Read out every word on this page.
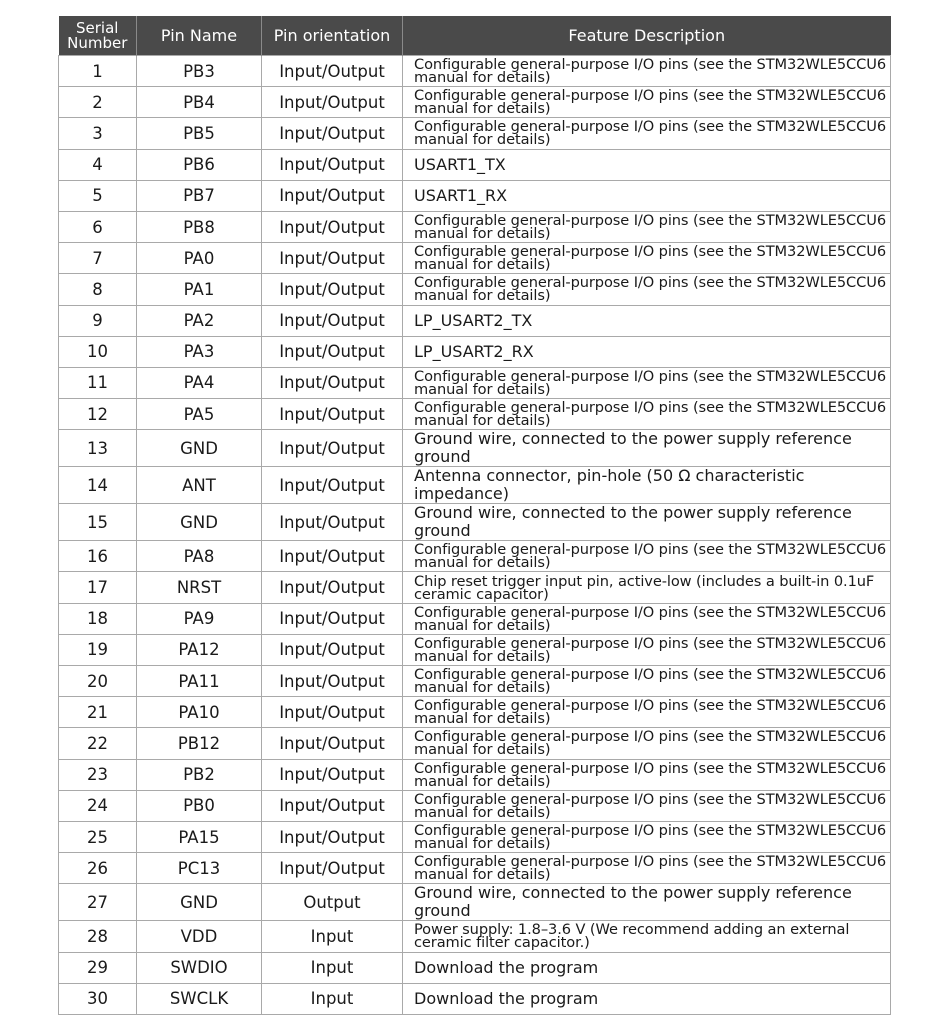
Serial
Number	Pin Name	Pin orientation	Feature Description
1	PB3	Input/Output	Configurable general-purpose I/O pins (see the STM32WLE5CCU6 manual for details)

2	PB4	Input/Output	Configurable general-purpose I/O pins (see the STM32WLE5CCU6 manual for details)

3	PB5	Input/Output	Configurable general-purpose I/O pins (see the STM32WLE5CCU6 manual for details)

4	PB6	Input/Output	USART1_TX

5	PB7	Input/Output	USART1_RX

6	PB8	Input/Output	Configurable general-purpose I/O pins (see the STM32WLE5CCU6 manual for details)

7	PA0	Input/Output	Configurable general-purpose I/O pins (see the STM32WLE5CCU6 manual for details)

8	PA1	Input/Output	Configurable general-purpose I/O pins (see the STM32WLE5CCU6 manual for details)

9	PA2	Input/Output	LP_USART2_TX

10	PA3	Input/Output	LP_USART2_RX

11	PA4	Input/Output	Configurable general-purpose I/O pins (see the STM32WLE5CCU6 manual for details)

12	PA5	Input/Output	Configurable general-purpose I/O pins (see the STM32WLE5CCU6 manual for details)

13	GND	Input/Output	Ground wire, connected to the power supply reference ground

14	ANT	Input/Output	Antenna connector, pin-hole (50 Ω characteristic impedance)

15	GND	Input/Output	Ground wire, connected to the power supply reference ground

16	PA8	Input/Output	Configurable general-purpose I/O pins (see the STM32WLE5CCU6 manual for details)

17	NRST	Input/Output	Chip reset trigger input pin, active-low (includes a built-in 0.1uF ceramic capacitor)

18	PA9	Input/Output	Configurable general-purpose I/O pins (see the STM32WLE5CCU6 manual for details)

19	PA12	Input/Output	Configurable general-purpose I/O pins (see the STM32WLE5CCU6 manual for details)

20	PA11	Input/Output	Configurable general-purpose I/O pins (see the STM32WLE5CCU6 manual for details)

21	PA10	Input/Output	Configurable general-purpose I/O pins (see the STM32WLE5CCU6 manual for details)

22	PB12	Input/Output	Configurable general-purpose I/O pins (see the STM32WLE5CCU6 manual for details)

23	PB2	Input/Output	Configurable general-purpose I/O pins (see the STM32WLE5CCU6 manual for details)

24	PB0	Input/Output	Configurable general-purpose I/O pins (see the STM32WLE5CCU6 manual for details)

25	PA15	Input/Output	Configurable general-purpose I/O pins (see the STM32WLE5CCU6 manual for details)

26	PC13	Input/Output	Configurable general-purpose I/O pins (see the STM32WLE5CCU6 manual for details)

27	GND	Output	Ground wire, connected to the power supply reference ground

28	VDD	Input	Power supply: 1.8–3.6 V (We recommend adding an external ceramic filter capacitor.)

29	SWDIO	Input	Download the program

30	SWCLK	Input	Download the program
